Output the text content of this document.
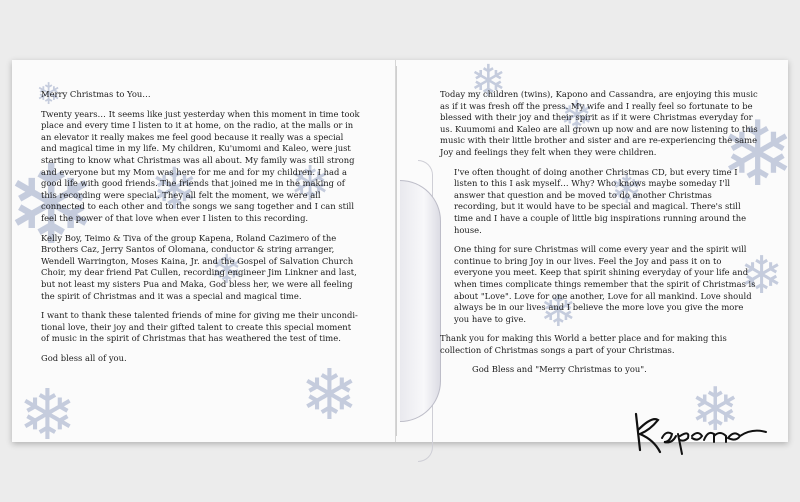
❄
❄
❄
❄ ❄
❄
❄
❄
❄ ❄
❄
❄
❄
❄

Merry Christmas to You…

Twenty years… It seems like just yesterday when this moment in time took place and every time I listen to it at home, on the radio, at the malls or in an elevator it really makes me feel good because it really was a special and magical time in my life. My children, Ku'umomi and Kaleo, were just starting to know what Christmas was all about. My family was still strong and everyone but my Mom was here for me and for my children. I had a good life with good friends. The friends that joined me in the making of this recording were special. They all felt the moment, we were all connected to each other and to the songs we sang together and I can still feel the power of that love when ever I listen to this recording.

Kelly Boy, Teimo & Tiva of the group Kapena, Roland Cazimero of the Brothers Caz, Jerry Santos of Olomana, conductor & string arranger, Wendell Warrington, Moses Kaina, Jr. and the Gospel of Salvation Church Choir, my dear friend Pat Cullen, recording engineer Jim Linkner and last, but not least my sisters Pua and Maka, God bless her, we were all feeling the spirit of Christmas and it was a special and magical time.

I want to thank these talented friends of mine for giving me their uncondi- tional love, their joy and their gifted talent to create this special moment of music in the spirit of Christmas that has weathered the test of time.

God bless all of you.

Today my children (twins), Kapono and Cassandra, are enjoying this music as if it was fresh off the press. My wife and I really feel so fortunate to be blessed with their joy and their spirit as if it were Christmas everyday for us. Kuumomi and Kaleo are all grown up now and are now listening to this music with their little brother and sister and are re-experiencing the same Joy and feelings they felt when they were children.

I've often thought of doing another Christmas CD, but every time I listen to this I ask myself… Why? Who knows maybe someday I'll answer that question and be moved to do another Christmas recording, but it would have to be special and magical. There's still time and I have a couple of little big inspirations running around the house.

One thing for sure Christmas will come every year and the spirit will continue to bring Joy in our lives. Feel the Joy and pass it on to everyone you meet. Keep that spirit shining everyday of your life and when times complicate things remember that the spirit of Christmas is about "Love". Love for one another, Love for all mankind. Love should always be in our lives and I believe the more love you give the more you have to give.

Thank you for making this World a better place and for making this collection of Christmas songs a part of your Christmas.

God Bless and "Merry Christmas to you".
